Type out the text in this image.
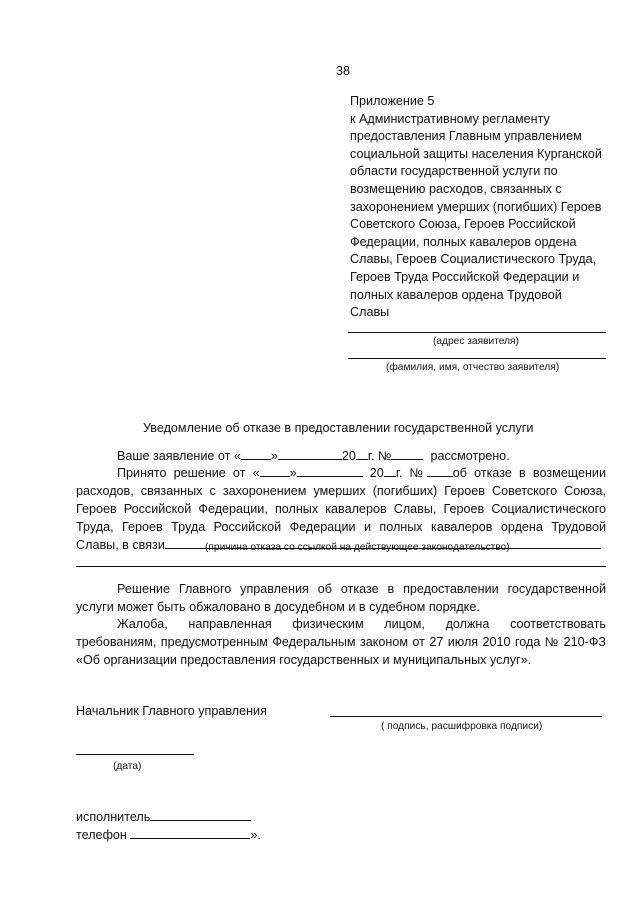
38
Приложение 5
к Административному регламенту
предоставления Главным управлением
социальной защиты населения Курганской
области государственной услуги по
возмещению расходов, связанных с
захоронением умерших (погибших) Героев
Советского Союза, Героев Российской
Федерации, полных кавалеров ордена
Славы, Героев Социалистического Труда,
Героев Труда Российской Федерации и
полных кавалеров ордена Трудовой
Славы
(адрес заявителя)
(фамилия, имя, отчество заявителя)
Уведомление об отказе в предоставлении государственной услуги
Ваше заявление от « »	20 г. №	рассмотрено.
Принято решение от « »	20 г. № об отказе в возмещении
расходов, связанных с захоронением умерших (погибших) Героев Советского Союза,
Героев Российской Федерации, полных кавалеров Славы, Героев Социалистического
Труда, Героев Труда Российской Федерации и полных кавалеров ордена Трудовой
Славы, в связи	(причина отказа со ссылкой на действующее законодательство)
Решение Главного управления об отказе в предоставлении государственной
услуги может быть обжаловано в досудебном и в судебном порядке.
Жалоба, направленная физическим лицом, должна соответствовать
требованиям, предусмотренным Федеральным законом от 27 июля 2010 года № 210-ФЗ
«Об организации предоставления государственных и муниципальных услуг».
Начальник Главного управления
( подпись, расшифровка подписи)
(дата)
исполнитель
телефон	».
